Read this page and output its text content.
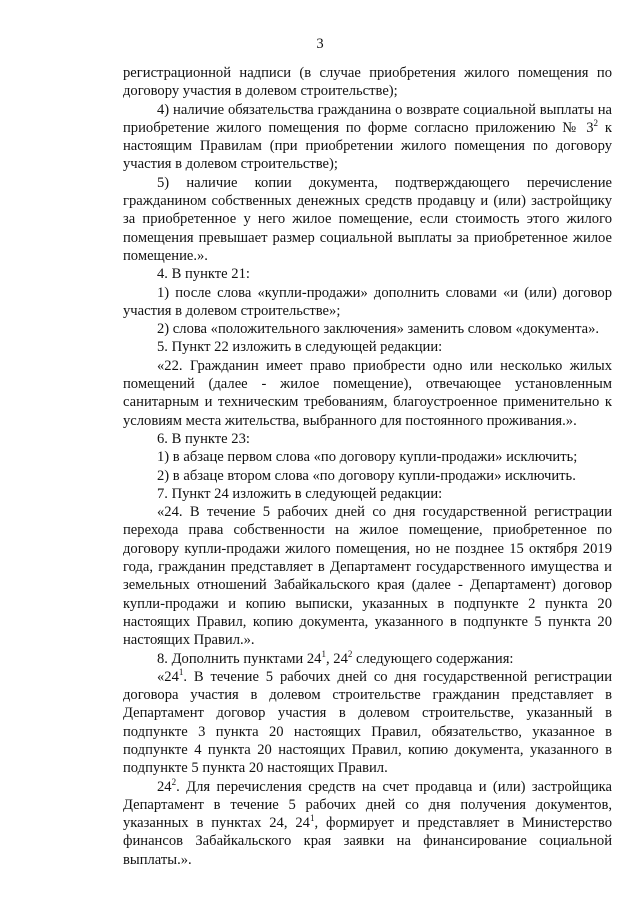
3

регистрационной надписи (в случае приобретения жилого помещения по договору участия в долевом строительстве);

4) наличие обязательства гражданина о возврате социальной выплаты на приобретение жилого помещения по форме согласно приложению № $3^2$ к настоящим Правилам (при приобретении жилого помещения по договору участия в долевом строительстве);

5) наличие копии документа, подтверждающего перечисление гражданином собственных денежных средств продавцу и (или) застройщику за приобретенное у него жилое помещение, если стоимость этого жилого помещения превышает размер социальной выплаты за приобретенное жилое помещение.».

4. В пункте 21:

1) после слова «купли-продажи» дополнить словами «и (или) договор участия в долевом строительстве»;

2) слова «положительного заключения» заменить словом «документа».

5. Пункт 22 изложить в следующей редакции:

«22. Гражданин имеет право приобрести одно или несколько жилых помещений (далее - жилое помещение), отвечающее установленным санитарным и техническим требованиям, благоустроенное применительно к условиям места жительства, выбранного для постоянного проживания.».

6. В пункте 23:

1) в абзаце первом слова «по договору купли-продажи» исключить;

2) в абзаце втором слова «по договору купли-продажи» исключить.

7. Пункт 24 изложить в следующей редакции:

«24. В течение 5 рабочих дней со дня государственной регистрации перехода права собственности на жилое помещение, приобретенное по договору купли-продажи жилого помещения, но не позднее 15 октября 2019 года, гражданин представляет в Департамент государственного имущества и земельных отношений Забайкальского края (далее - Департамент) договор купли-продажи и копию выписки, указанных в подпункте 2 пункта 20 настоящих Правил, копию документа, указанного в подпункте 5 пункта 20 настоящих Правил.».

8. Дополнить пунктами $24^1$, $24^2$ следующего содержания:

«$24^1$. В течение 5 рабочих дней со дня государственной регистрации договора участия в долевом строительстве гражданин представляет в Департамент договор участия в долевом строительстве, указанный в подпункте 3 пункта 20 настоящих Правил, обязательство, указанное в подпункте 4 пункта 20 настоящих Правил, копию документа, указанного в подпункте 5 пункта 20 настоящих Правил.

$24^2$. Для перечисления средств на счет продавца и (или) застройщика Департамент в течение 5 рабочих дней со дня получения документов, указанных в пунктах 24, $24^1$, формирует и представляет в Министерство финансов Забайкальского края заявки на финансирование социальной выплаты.».
